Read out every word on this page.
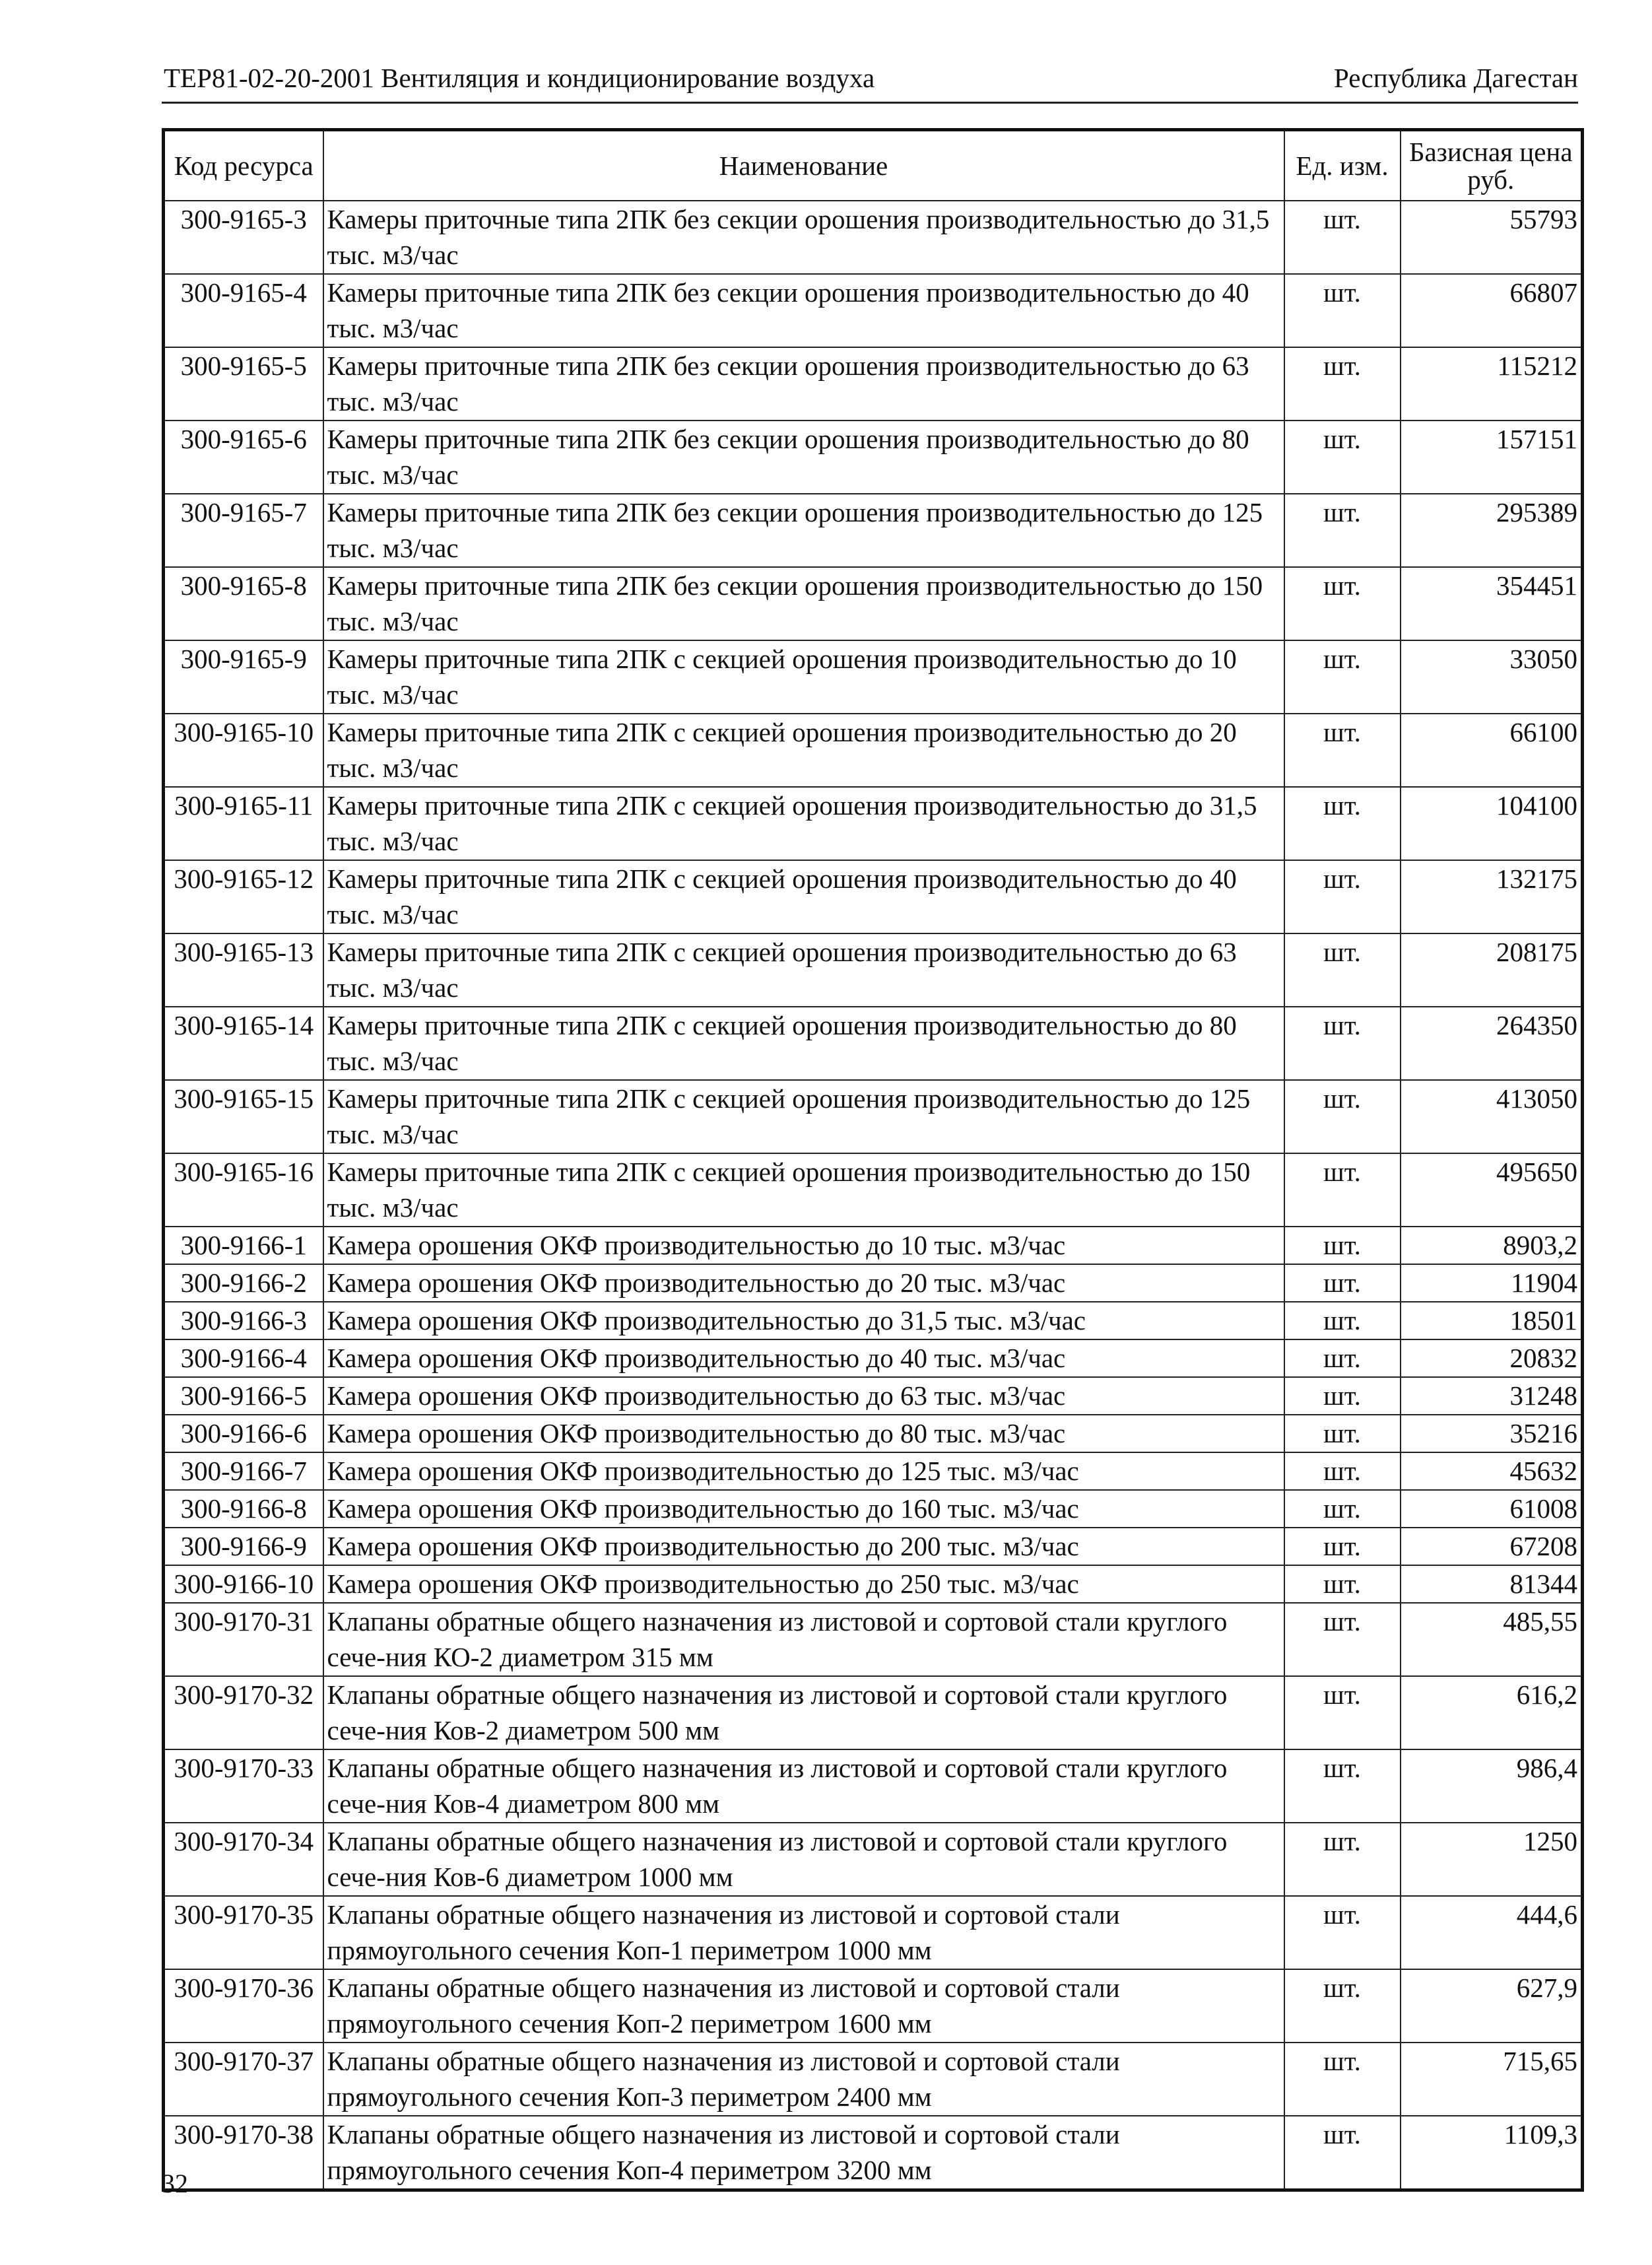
ТЕР81-02-20-2001 Вентиляция и кондиционирование воздуха	Республика Дагестан
Код ресурса	Наименование	Ед. изм.	Базисная цена руб.
300-9165-3	Камеры приточные типа 2ПК без секции орошения производительностью до 31,5 тыс. м3/час	шт.	55793
300-9165-4	Камеры приточные типа 2ПК без секции орошения производительностью до 40 тыс. м3/час	шт.	66807
300-9165-5	Камеры приточные типа 2ПК без секции орошения производительностью до 63 тыс. м3/час	шт.	115212
300-9165-6	Камеры приточные типа 2ПК без секции орошения производительностью до 80 тыс. м3/час	шт.	157151
300-9165-7	Камеры приточные типа 2ПК без секции орошения производительностью до 125 тыс. м3/час	шт.	295389
300-9165-8	Камеры приточные типа 2ПК без секции орошения производительностью до 150 тыс. м3/час	шт.	354451
300-9165-9	Камеры приточные типа 2ПК с секцией орошения производительностью до 10 тыс. м3/час	шт.	33050
300-9165-10	Камеры приточные типа 2ПК с секцией орошения производительностью до 20 тыс. м3/час	шт.	66100
300-9165-11	Камеры приточные типа 2ПК с секцией орошения производительностью до 31,5 тыс. м3/час	шт.	104100
300-9165-12	Камеры приточные типа 2ПК с секцией орошения производительностью до 40 тыс. м3/час	шт.	132175
300-9165-13	Камеры приточные типа 2ПК с секцией орошения производительностью до 63 тыс. м3/час	шт.	208175
300-9165-14	Камеры приточные типа 2ПК с секцией орошения производительностью до 80 тыс. м3/час	шт.	264350
300-9165-15	Камеры приточные типа 2ПК с секцией орошения производительностью до 125 тыс. м3/час	шт.	413050
300-9165-16	Камеры приточные типа 2ПК с секцией орошения производительностью до 150 тыс. м3/час	шт.	495650
300-9166-1	Камера орошения ОКФ производительностью до 10 тыс. м3/час	шт.	8903,2
300-9166-2	Камера орошения ОКФ производительностью до 20 тыс. м3/час	шт.	11904
300-9166-3	Камера орошения ОКФ производительностью до 31,5 тыс. м3/час	шт.	18501
300-9166-4	Камера орошения ОКФ производительностью до 40 тыс. м3/час	шт.	20832
300-9166-5	Камера орошения ОКФ производительностью до 63 тыс. м3/час	шт.	31248
300-9166-6	Камера орошения ОКФ производительностью до 80 тыс. м3/час	шт.	35216
300-9166-7	Камера орошения ОКФ производительностью до 125 тыс. м3/час	шт.	45632
300-9166-8	Камера орошения ОКФ производительностью до 160 тыс. м3/час	шт.	61008
300-9166-9	Камера орошения ОКФ производительностью до 200 тыс. м3/час	шт.	67208
300-9166-10	Камера орошения ОКФ производительностью до 250 тыс. м3/час	шт.	81344
300-9170-31	Клапаны обратные общего назначения из листовой и сортовой стали круглого сече-ния КО-2 диаметром 315 мм	шт.	485,55
300-9170-32	Клапаны обратные общего назначения из листовой и сортовой стали круглого сече-ния Ков-2 диаметром 500 мм	шт.	616,2
300-9170-33	Клапаны обратные общего назначения из листовой и сортовой стали круглого сече-ния Ков-4 диаметром 800 мм	шт.	986,4
300-9170-34	Клапаны обратные общего назначения из листовой и сортовой стали круглого сече-ния Ков-6 диаметром 1000 мм	шт.	1250
300-9170-35	Клапаны обратные общего назначения из листовой и сортовой стали прямоугольного сечения Коп-1 периметром 1000 мм	шт.	444,6
300-9170-36	Клапаны обратные общего назначения из листовой и сортовой стали прямоугольного сечения Коп-2 периметром 1600 мм	шт.	627,9
300-9170-37	Клапаны обратные общего назначения из листовой и сортовой стали прямоугольного сечения Коп-3 периметром 2400 мм	шт.	715,65
300-9170-38	Клапаны обратные общего назначения из листовой и сортовой стали прямоугольного сечения Коп-4 периметром 3200 мм	шт.	1109,3
32
